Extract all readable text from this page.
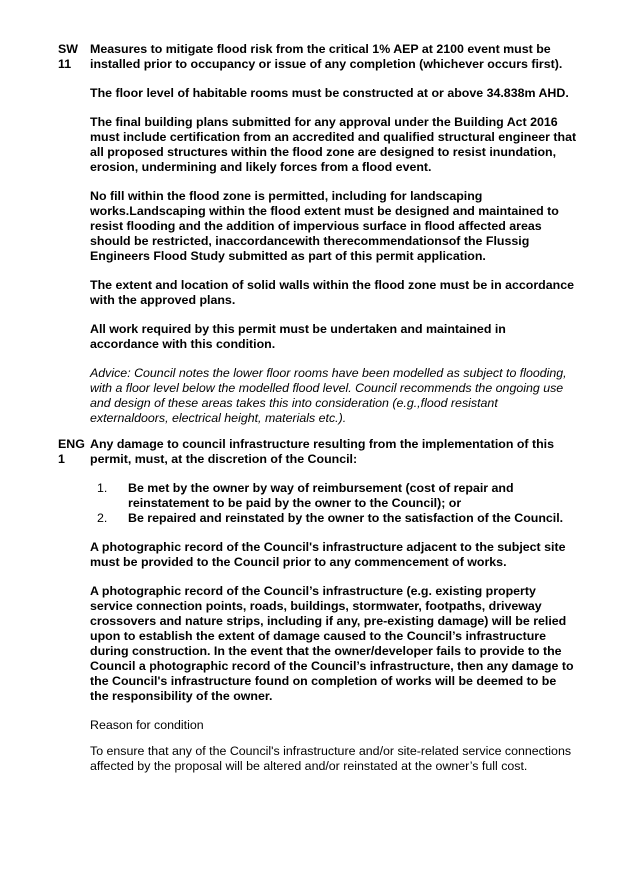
SW
11

Measures to mitigate flood risk from the critical 1% AEP at 2100 event must be installed prior to occupancy or issue of any completion (whichever occurs first).

The floor level of habitable rooms must be constructed at or above 34.838m AHD.

The final building plans submitted for any approval under the Building Act 2016 must include certification from an accredited and qualified structural engineer that all proposed structures within the flood zone are designed to resist inundation, erosion, undermining and likely forces from a flood event.

No fill within the flood zone is permitted, including for landscaping works.Landscaping within the flood extent must be designed and maintained to resist flooding and the addition of impervious surface in flood affected areas should be restricted, inaccordancewith therecommendationsof the Flussig Engineers Flood Study submitted as part of this permit application.

The extent and location of solid walls within the flood zone must be in accordance with the approved plans.

All work required by this permit must be undertaken and maintained in accordance with this condition.

Advice: Council notes the lower floor rooms have been modelled as subject to flooding, with a floor level below the modelled flood level. Council recommends the ongoing use and design of these areas takes this into consideration (e.g.,flood resistant externaldoors, electrical height, materials etc.).

ENG
1

Any damage to council infrastructure resulting from the implementation of this permit, must, at the discretion of the Council:

1. Be met by the owner by way of reimbursement (cost of repair and reinstatement to be paid by the owner to the Council); or
2. Be repaired and reinstated by the owner to the satisfaction of the Council.

A photographic record of the Council's infrastructure adjacent to the subject site must be provided to the Council prior to any commencement of works.

A photographic record of the Council’s infrastructure (e.g. existing property service connection points, roads, buildings, stormwater, footpaths, driveway crossovers and nature strips, including if any, pre-existing damage) will be relied upon to establish the extent of damage caused to the Council’s infrastructure during construction. In the event that the owner/developer fails to provide to the Council a photographic record of the Council’s infrastructure, then any damage to the Council's infrastructure found on completion of works will be deemed to be the responsibility of the owner.

Reason for condition

To ensure that any of the Council's infrastructure and/or site-related service connections affected by the proposal will be altered and/or reinstated at the owner’s full cost.
